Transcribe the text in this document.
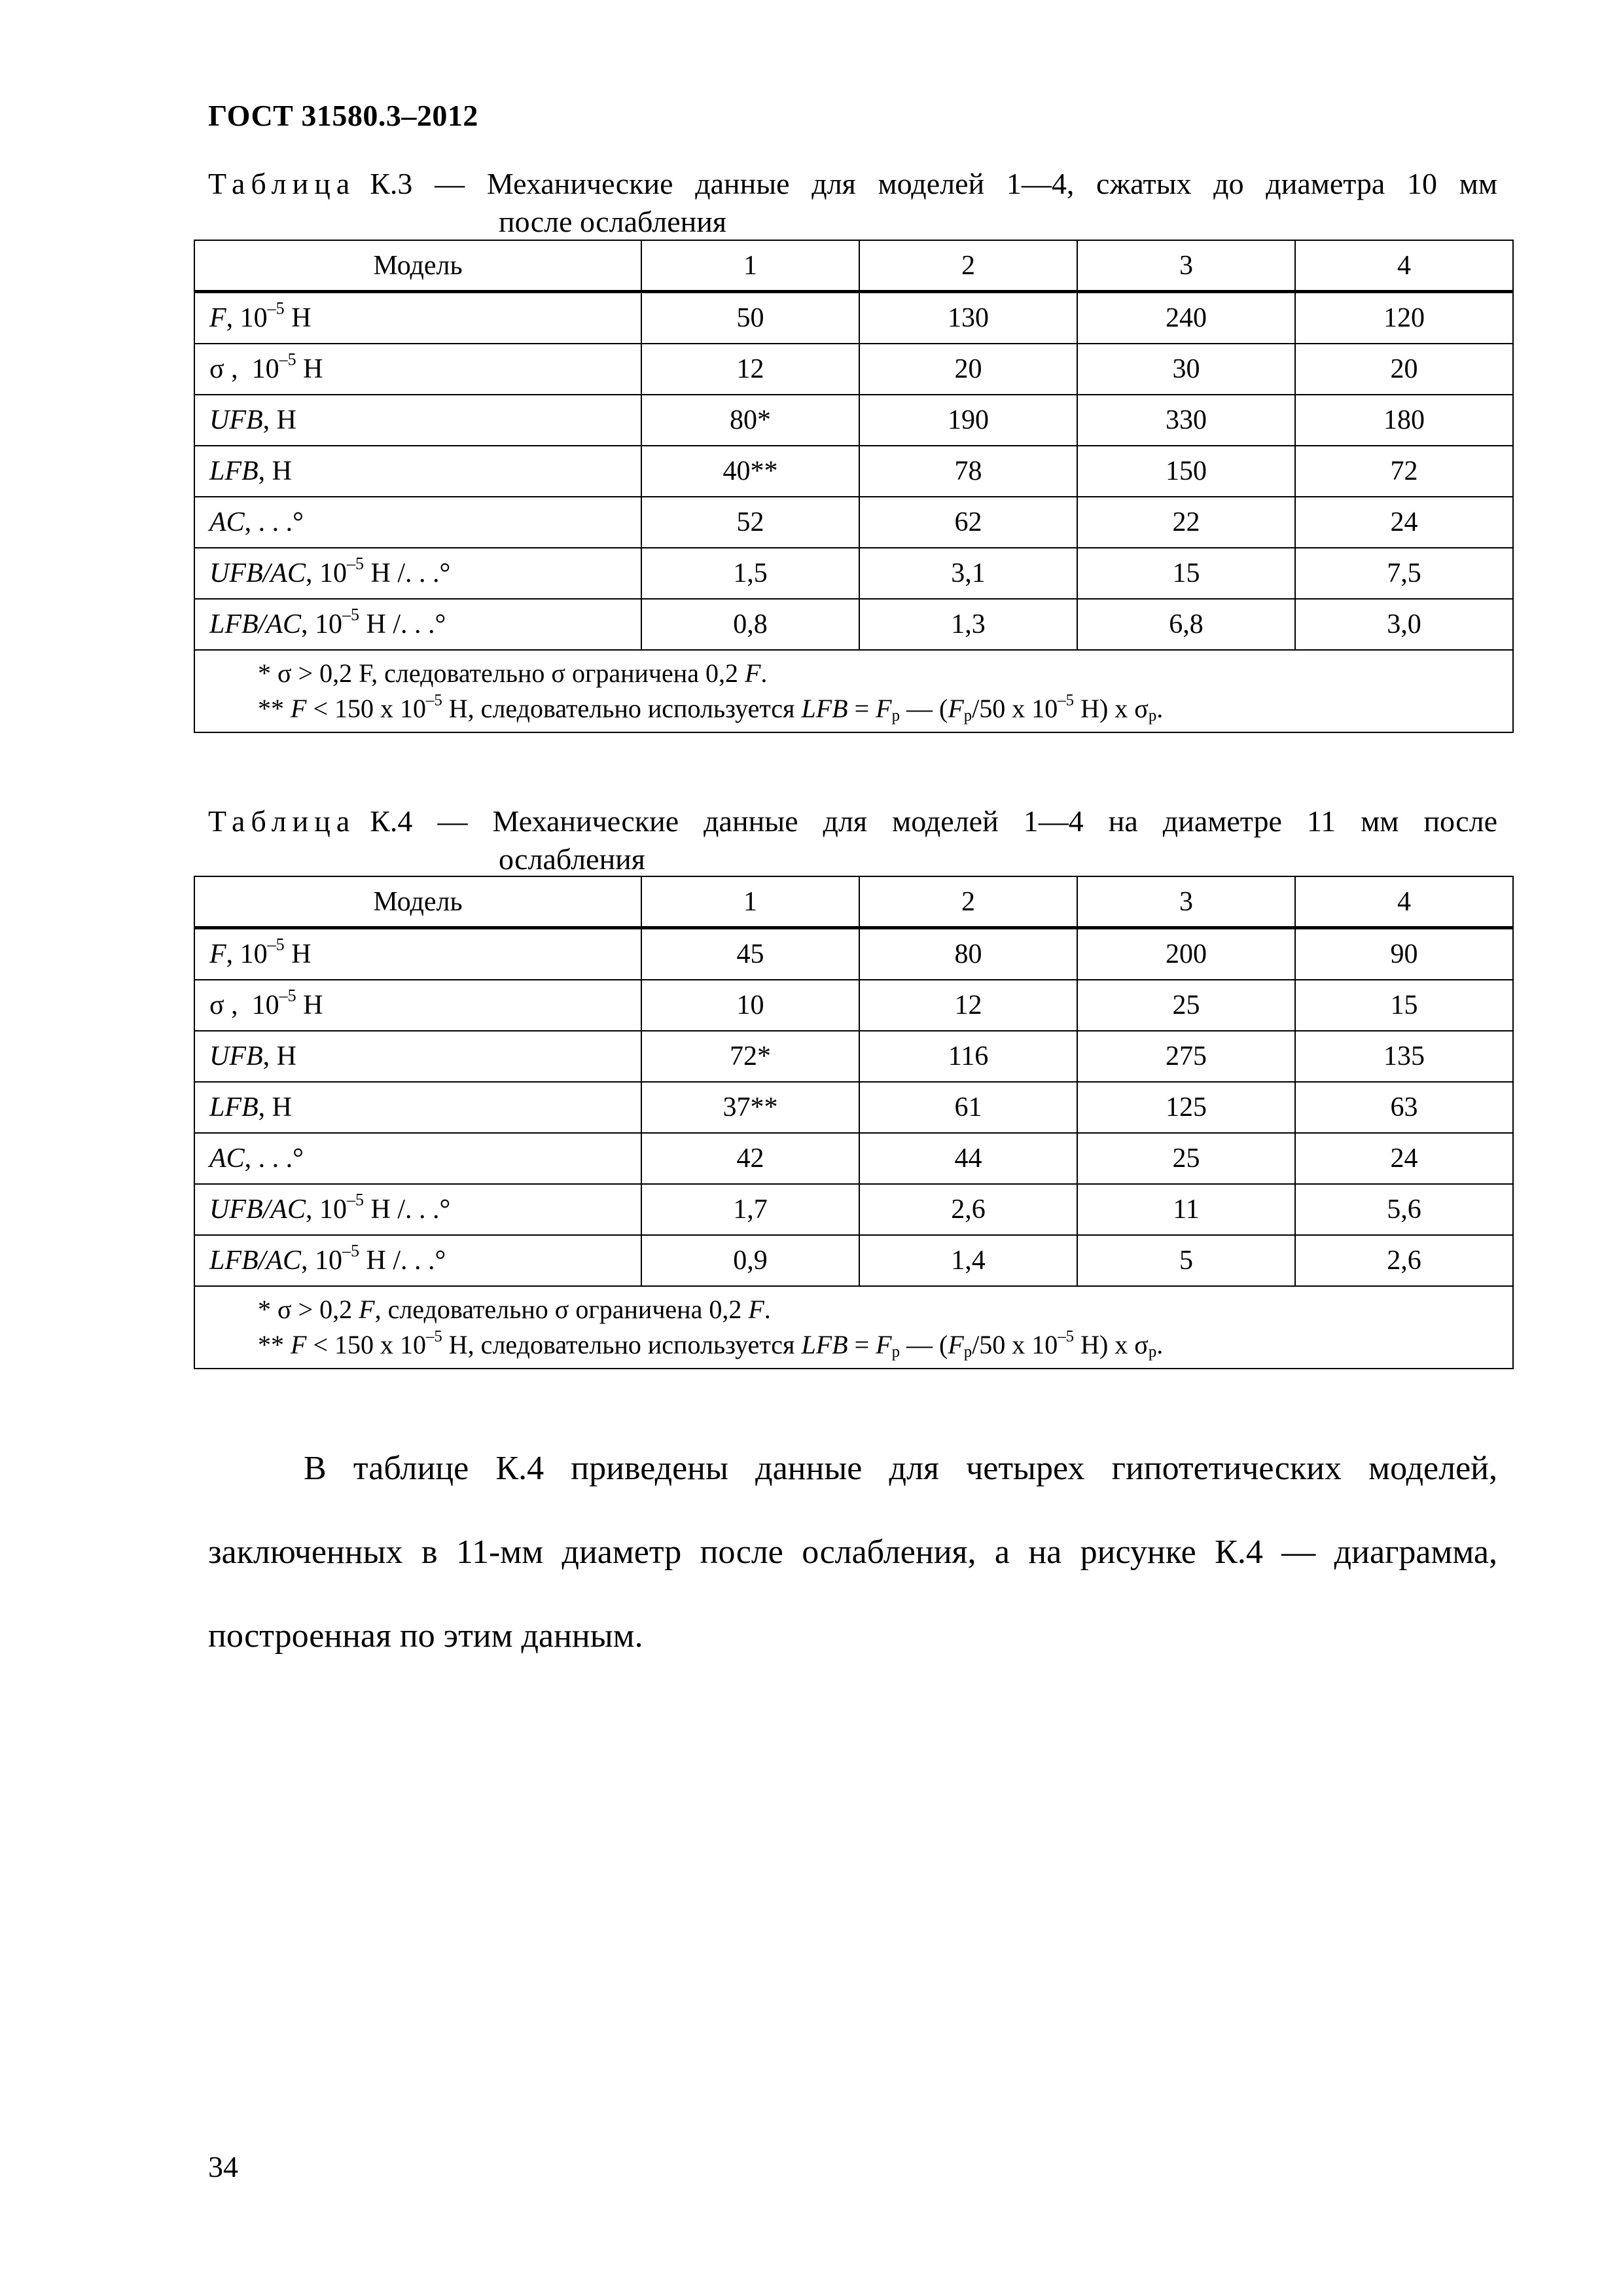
ГОСТ 31580.3–2012
Таблица К.3 — Механические данные для моделей 1—4, сжатых до диаметра 10 мм
после ослабления
Модель	1	2	3	4
F, $10^{-5}$ Н	50	130	240	120
σ ,  $10^{-5}$ Н	12	20	30	20
UFB, Н	80*	190	330	180
LFB, Н	40**	78	150	72
AC, . . .°	52	62	22	24
UFB/AC, $10^{-5}$ Н /. . .°	1,5	3,1	15	7,5
LFB/AC, $10^{-5}$ Н /. . .°	0,8	1,3	6,8	3,0

* σ > 0,2 F, следовательно σ ограничена 0,2 F.
** F < 150 х $10^{-5}$ Н, следовательно используется LFB = $F_р$ — ($F_р/50$ х $10^{-5}$ Н) х $\sigma_р$.				
Таблица К.4 — Механические данные для моделей 1—4 на диаметре 11 мм после
ослабления
Модель	1	2	3	4
F, $10^{-5}$ Н	45	80	200	90
σ ,  $10^{-5}$ Н	10	12	25	15
UFB, Н	72*	116	275	135
LFB, Н	37**	61	125	63
AC, . . .°	42	44	25	24
UFB/AC, $10^{-5}$ Н /. . .°	1,7	2,6	11	5,6
LFB/AC, $10^{-5}$ Н /. . .°	0,9	1,4	5	2,6

* σ > 0,2 F, следовательно σ ограничена 0,2 F.
** F < 150 х $10^{-5}$ Н, следовательно используется LFB = $F_р$ — ($F_р/50$ х $10^{-5}$ Н) х $\sigma_р$.				

В таблице К.4 приведены данные для четырех гипотетических моделей, заключенных в 11-мм диаметр после ослабления, а на рисунке К.4 — диаграмма, построенная по этим данным.

34
